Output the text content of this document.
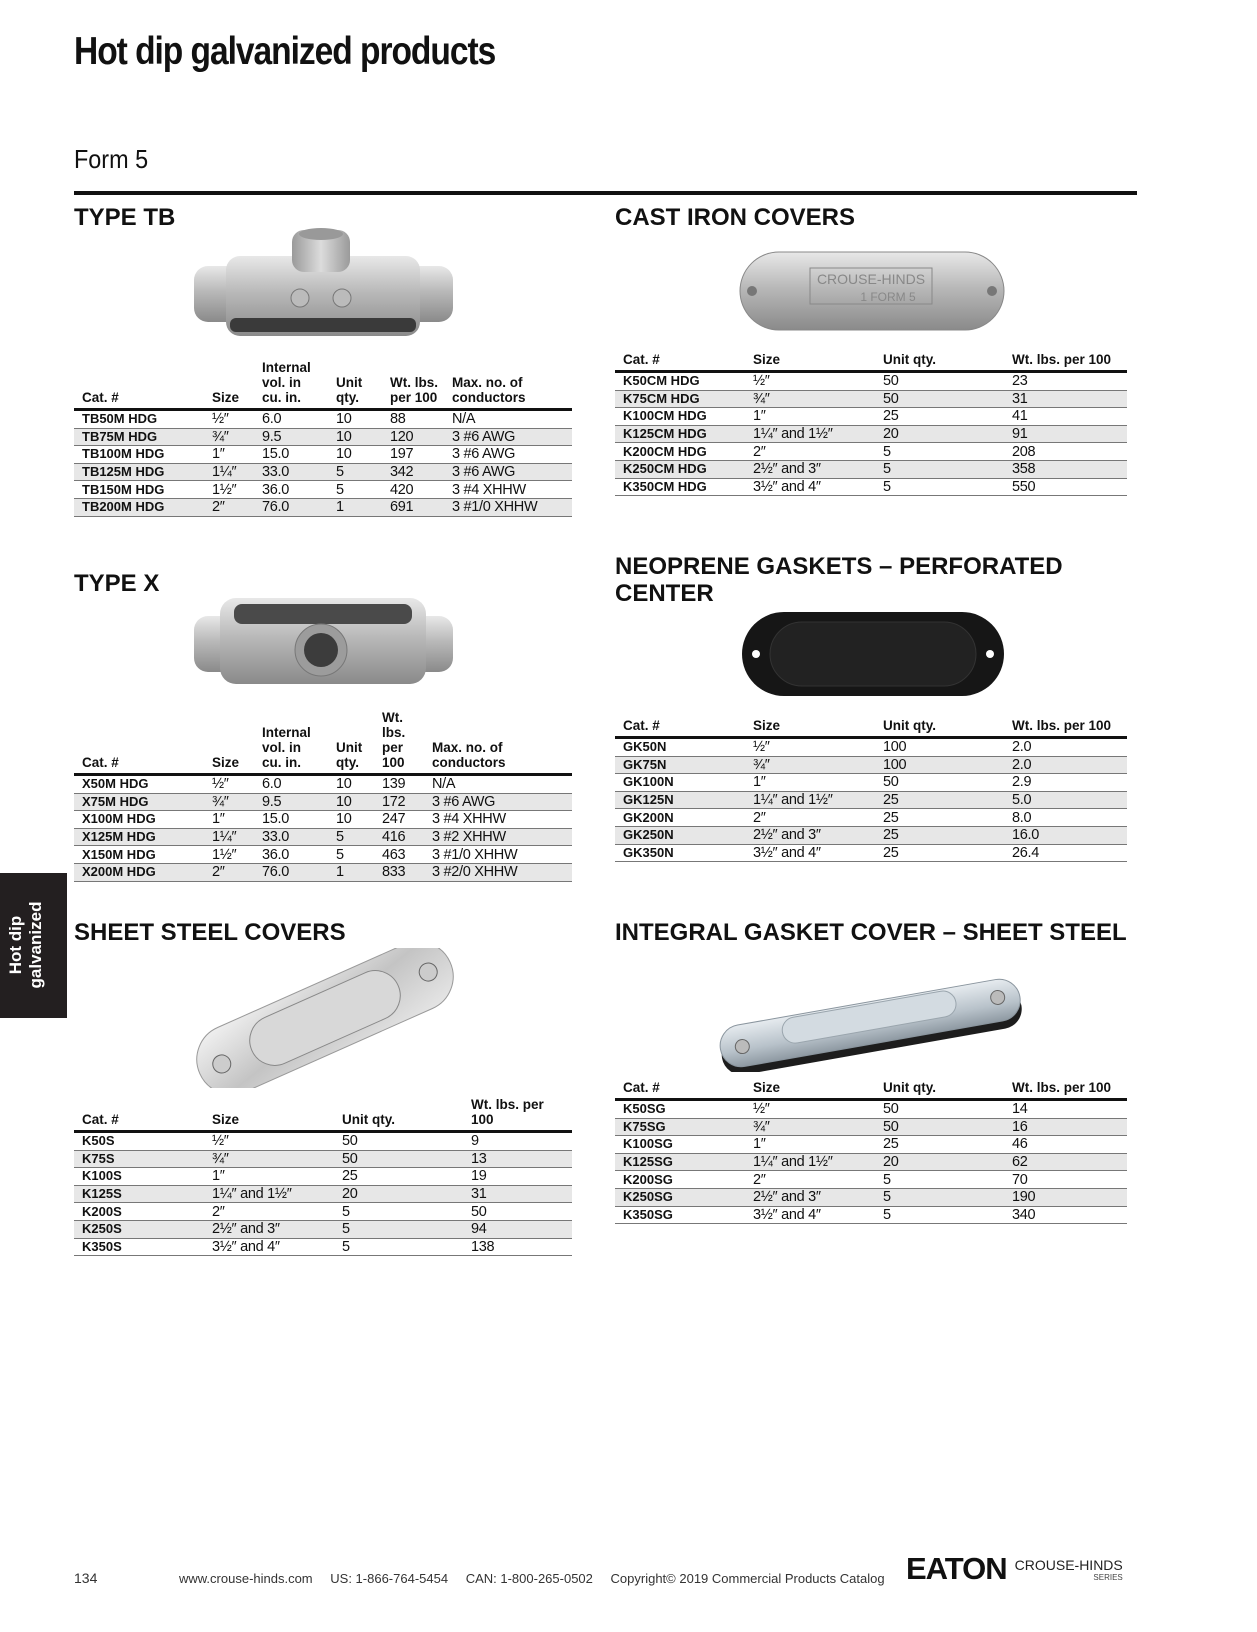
Hot dip galvanized products
Form 5
TYPE TB
Cat. #	Size	Internal vol. in cu. in.	Unit qty.	Wt. lbs. per 100	Max. no. of conductors
TB50M HDG	½″	6.0	10	88	N/A
TB75M HDG	¾″	9.5	10	120	3 #6 AWG
TB100M HDG	1″	15.0	10	197	3 #6 AWG
TB125M HDG	1¼″	33.0	5	342	3 #6 AWG
TB150M HDG	1½″	36.0	5	420	3 #4 XHHW
TB200M HDG	2″	76.0	1	691	3 #1/0 XHHW
TYPE X
Cat. #	Size	Internal vol. in cu. in.	Unit qty.	Wt. lbs. per 100	Max. no. of conductors
X50M HDG	½″	6.0	10	139	N/A
X75M HDG	¾″	9.5	10	172	3 #6 AWG
X100M HDG	1″	15.0	10	247	3 #4 XHHW
X125M HDG	1¼″	33.0	5	416	3 #2 XHHW
X150M HDG	1½″	36.0	5	463	3 #1/0 XHHW
X200M HDG	2″	76.0	1	833	3 #2/0 XHHW
SHEET STEEL COVERS
Cat. #	Size	Unit qty.	Wt. lbs. per 100
K50S	½″	50	9
K75S	¾″	50	13
K100S	1″	25	19
K125S	1¼″ and 1½″	20	31
K200S	2″	5	50
K250S	2½″ and 3″	5	94
K350S	3½″ and 4″	5	138
CAST IRON COVERS
CROUSE-HINDS
1 FORM 5
Cat. #	Size	Unit qty.	Wt. lbs. per 100
K50CM HDG	½″	50	23
K75CM HDG	¾″	50	31
K100CM HDG	1″	25	41
K125CM HDG	1¼″ and 1½″	20	91
K200CM HDG	2″	5	208
K250CM HDG	2½″ and 3″	5	358
K350CM HDG	3½″ and 4″	5	550
NEOPRENE GASKETS – PERFORATED
CENTER
Cat. #	Size	Unit qty.	Wt. lbs. per 100
GK50N	½″	100	2.0
GK75N	¾″	100	2.0
GK100N	1″	50	2.9
GK125N	1¼″ and 1½″	25	5.0
GK200N	2″	25	8.0
GK250N	2½″ and 3″	25	16.0
GK350N	3½″ and 4″	25	26.4
INTEGRAL GASKET COVER – SHEET STEEL
Cat. #	Size	Unit qty.	Wt. lbs. per 100
K50SG	½″	50	14
K75SG	¾″	50	16
K100SG	1″	25	46
K125SG	1¼″ and 1½″	20	62
K200SG	2″	5	70
K250SG	2½″ and 3″	5	190
K350SG	3½″ and 4″	5	340
Hot dip galvanized
134	www.crouse-hinds.com US: 1-866-764-5454 CAN: 1-800-265-0502 Copyright© 2019 Commercial Products Catalog EATON CROUSE-HINDS
SERIES
